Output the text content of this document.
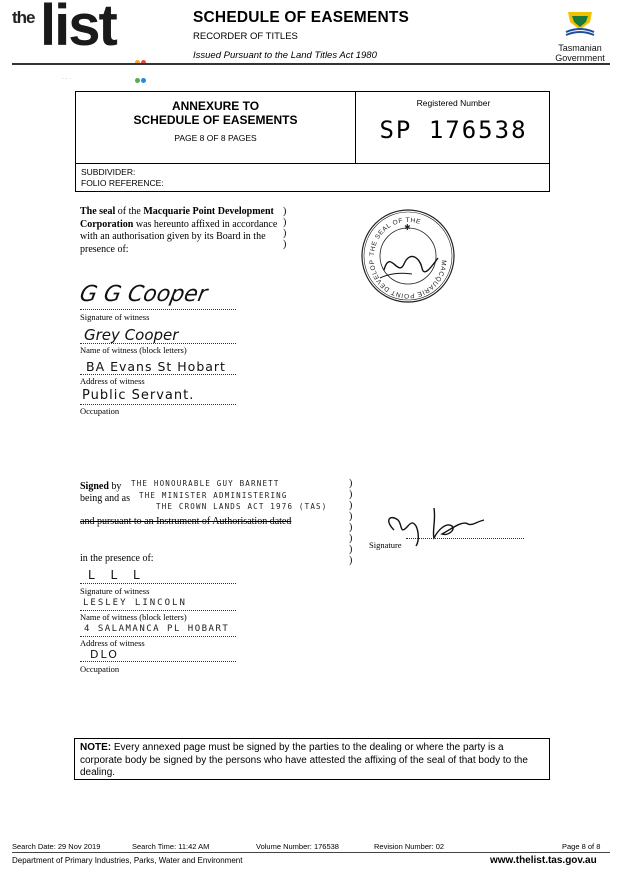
the list	SCHEDULE OF EASEMENTS
RECORDER OF TITLES
Issued Pursuant to the Land Titles Act 1980
Tasmanian
Government
· · ·
ANNEXURE TO
SCHEDULE OF EASEMENTS
PAGE 8 OF 8 PAGES
Registered Number
SP 176538
SUBDIVIDER:
FOLIO REFERENCE:
The seal of the Macquarie Point Development Corporation was hereunto affixed in accordance with an authorisation given by its Board in the presence of:
)
)
)
)
THE SEAL OF THE
MACQUARIE POINT DEVELOP
✱
G G Cooper
Signature of witness
Grey Cooper
Name of witness (block letters)
BA Evans St Hobart
Address of witness
Public Servant.
Occupation
Signed by THE HONOURABLE GUY BARNETT
being and as THE MINISTER ADMINISTERING
THE CROWN LANDS ACT 1976 (TAS)
and pursuant to an Instrument of Authorisation dated
)
)
)
)
)
)
)
)
Signature
in the presence of:
L L L
Signature of witness
LESLEY LINCOLN
Name of witness (block letters)
4 SALAMANCA PL HOBART
Address of witness
DLO
Occupation
NOTE: Every annexed page must be signed by the parties to the dealing or where the party is a corporate body be signed by the persons who have attested the affixing of the seal of that body to the dealing.
Search Date: 29 Nov 2019	Search Time: 11:42 AM	Volume Number: 176538	Revision Number: 02	Page 8 of 8
Department of Primary Industries, Parks, Water and Environment	www.thelist.tas.gov.au
